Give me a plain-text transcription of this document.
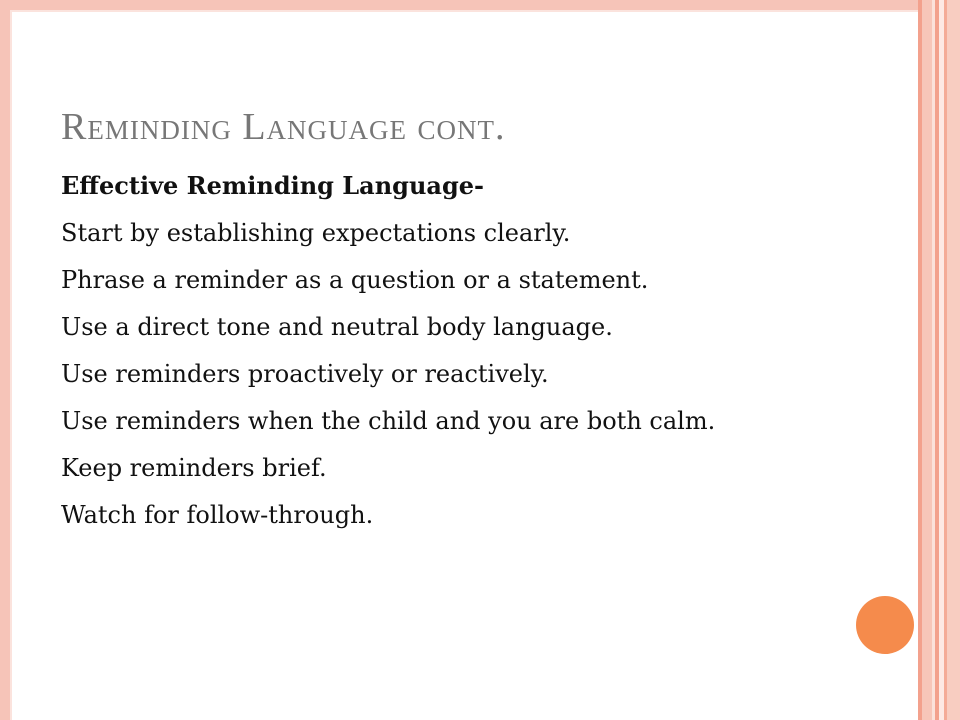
Reminding Language cont.

Effective Reminding Language-

Start by establishing expectations clearly.

Phrase a reminder as a question or a statement.

Use a direct tone and neutral body language.

Use reminders proactively or reactively.

Use reminders when the child and you are both calm.

Keep reminders brief.

Watch for follow-through.
